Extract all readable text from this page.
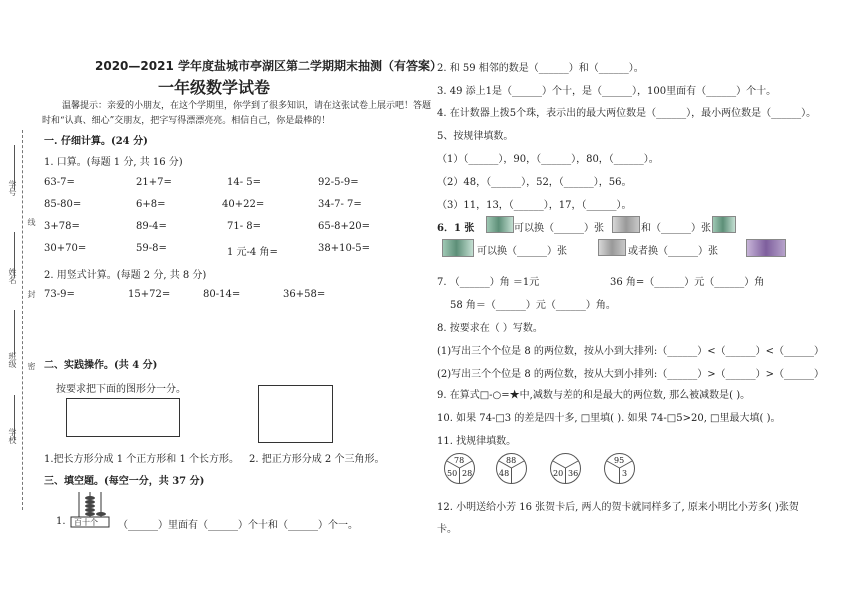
学号
线
姓名
封
班级 密
学校
2020—2021 学年度盐城市亭湖区第二学期期末抽测（有答案）
一年级数学试卷
温馨提示：亲爱的小朋友，在这个学期里，你学到了很多知识，请在这张试卷上展示吧！答题
时和“认真、细心”交朋友，把字写得漂漂亮亮。相信自己，你是最棒的！
一. 仔细计算。(24 分)
1. 口算。(每题 1 分, 共 16 分)
63-7=	21+7=	14- 5=	92-5-9=
85-80=	6+8=	40+22=	34-7- 7=
3+78=	89-4=	71- 8=	65-8+20=
30+70=	59-8=	1 元-4 角=	38+10-5=
2. 用竖式计算。(每题 2 分, 共 8 分)
73-9=	15+72=	80-14=	36+58=
二、实践操作。(共 4 分)
按要求把下面的图形分一分。
1.把长方形分成 1 个正方形和 1 个长方形。 2. 把正方形分成 2 个三角形。
三、填空题。(每空一分，共 37 分)
1. 百十个 （______）里面有（______）个十和（______）个一。
2. 和 59 相邻的数是（______）和（______）。
3. 49 添上1是（______）个十，是（______），100里面有（______）个十。
4. 在计数器上拨5个珠，表示出的最大两位数是（______），最小两位数是（______）。
5、按规律填数。
（1）（______），90，（______），80，（______）。
（2）48，（______），52，（______），56。
（3）11，13，（______），17，（______）。
6．1 张	可以换（______）张	和（______）张
可以换（______）张	或者换（______）张
7. （______）角 ＝1元	36 角=（______）元（______）角
58 角＝（______）元（______）角。
8. 按要求在（ ）写数。
(1)写出三个个位是 8 的两位数，按从小到大排列:（______）<（______）<（______）
(2)写出三个个位是 8 的两位数，按从大到小排列:（______）>（______）>（______）
9. 在算式□-○=★中,减数与差的和是最大的两位数, 那么被减数是( )。
10. 如果 74-□3 的差是四十多, □里填( ). 如果 74-□5>20, □里最大填( )。
11. 找规律填数。
78
50 28
88
48	20 36
95
3
12. 小明送给小芳 16 张贺卡后, 两人的贺卡就同样多了, 原来小明比小芳多( )张贺
卡。
